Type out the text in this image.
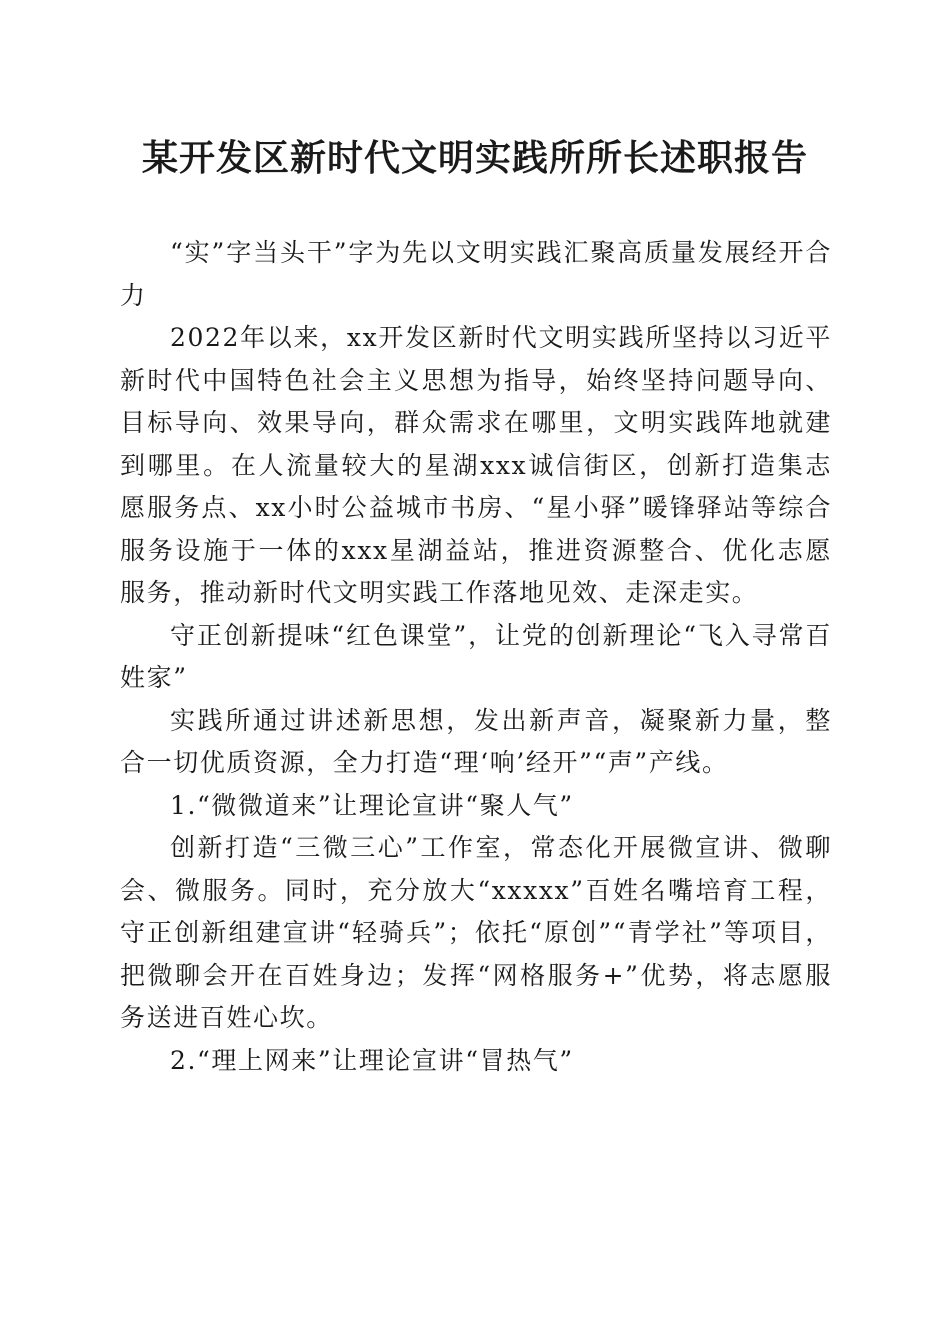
某开发区新时代文明实践所所长述职报告

“实”字当头干”字为先以文明实践汇聚高质量发展经开合力

2022年以来，xx开发区新时代文明实践所坚持以习近平新时代中国特色社会主义思想为指导，始终坚持问题导向、目标导向、效果导向，群众需求在哪里，文明实践阵地就建到哪里。在人流量较大的星湖xxx诚信街区，创新打造集志愿服务点、xx小时公益城市书房、“星小驿”暖锋驿站等综合服务设施于一体的xxx星湖益站，推进资源整合、优化志愿服务，推动新时代文明实践工作落地见效、走深走实。

守正创新提味“红色课堂”，让党的创新理论“飞入寻常百姓家”

实践所通过讲述新思想，发出新声音，凝聚新力量，整合一切优质资源，全力打造“理‘响’经开”“声”产线。

1.“微微道来”让理论宣讲“聚人气”

创新打造“三微三心”工作室，常态化开展微宣讲、微聊会、微服务。同时，充分放大“xxxxx”百姓名嘴培育工程，守正创新组建宣讲“轻骑兵”；依托“原创”“青学社”等项目，把微聊会开在百姓身边；发挥“网格服务+”优势，将志愿服务送进百姓心坎。

2.“理上网来”让理论宣讲“冒热气”
